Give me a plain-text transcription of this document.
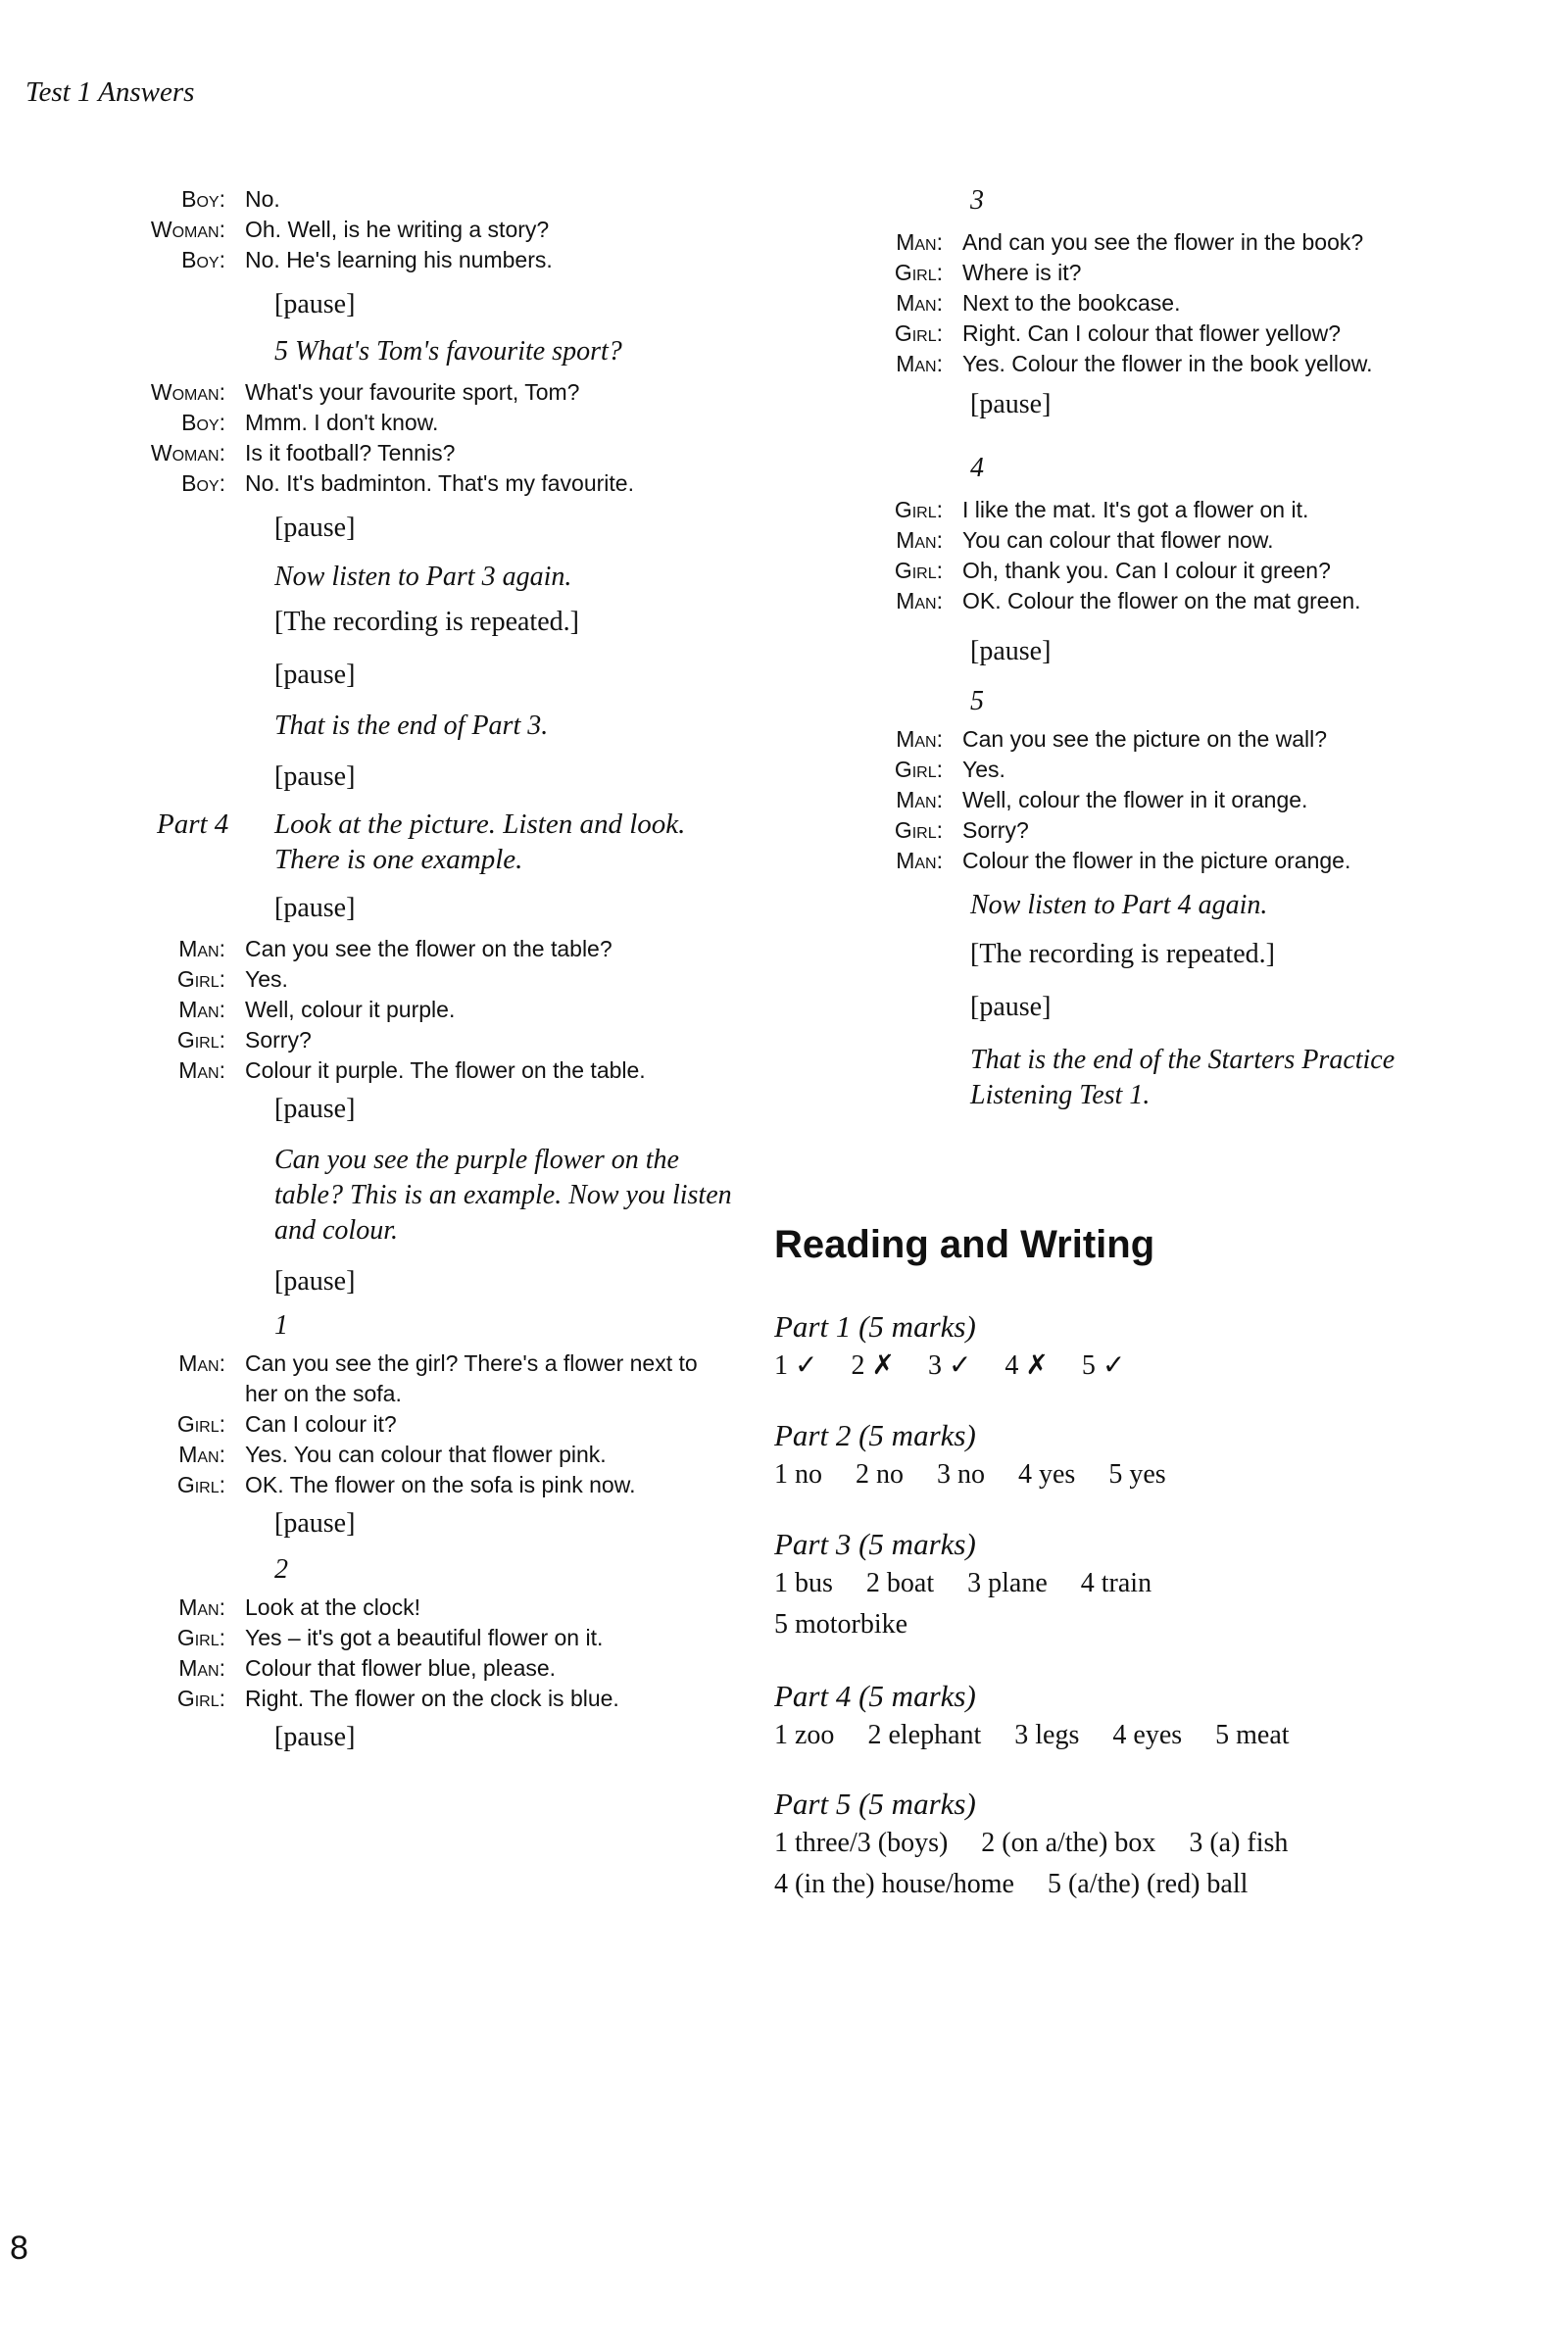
Test 1 Answers
Boy: No.
Woman: Oh. Well, is he writing a story?
Boy: No. He's learning his numbers.
[pause]
5 What's Tom's favourite sport?
Woman: What's your favourite sport, Tom?
Boy: Mmm. I don't know.
Woman: Is it football? Tennis?
Boy: No. It's badminton. That's my favourite.
[pause]
Now listen to Part 3 again.
[The recording is repeated.]
[pause]
That is the end of Part 3.
[pause]
Part 4	Look at the picture. Listen and look. There is one example.
[pause]
Man: Can you see the flower on the table?
Girl: Yes.
Man: Well, colour it purple.
Girl: Sorry?
Man: Colour it purple. The flower on the table.
[pause]
Can you see the purple flower on the table? This is an example. Now you listen and colour.
[pause]
1
Man: Can you see the girl? There's a flower next to her on the sofa.
Girl: Can I colour it?
Man: Yes. You can colour that flower pink.
Girl: OK. The flower on the sofa is pink now.
[pause]
2
Man: Look at the clock!
Girl: Yes – it's got a beautiful flower on it.
Man: Colour that flower blue, please.
Girl: Right. The flower on the clock is blue.
[pause]
3
Man: And can you see the flower in the book?
Girl: Where is it?
Man: Next to the bookcase.
Girl: Right. Can I colour that flower yellow?
Man: Yes. Colour the flower in the book yellow.
[pause]
4
Girl: I like the mat. It's got a flower on it.
Man: You can colour that flower now.
Girl: Oh, thank you. Can I colour it green?
Man: OK. Colour the flower on the mat green.
[pause]
5
Man: Can you see the picture on the wall?
Girl: Yes.
Man: Well, colour the flower in it orange.
Girl: Sorry?
Man: Colour the flower in the picture orange.
Now listen to Part 4 again.
[The recording is repeated.]
[pause]
That is the end of the Starters Practice Listening Test 1.
Reading and Writing
Part 1 (5 marks)
1 ✓ 2 ✗ 3 ✓ 4 ✗ 5 ✓
Part 2 (5 marks)
1 no 2 no 3 no 4 yes 5 yes
Part 3 (5 marks)
1 bus 2 boat 3 plane 4 train
5 motorbike
Part 4 (5 marks)
1 zoo 2 elephant 3 legs 4 eyes 5 meat
Part 5 (5 marks)
1 three/3 (boys) 2 (on a/the) box 3 (a) fish
4 (in the) house/home 5 (a/the) (red) ball
8
